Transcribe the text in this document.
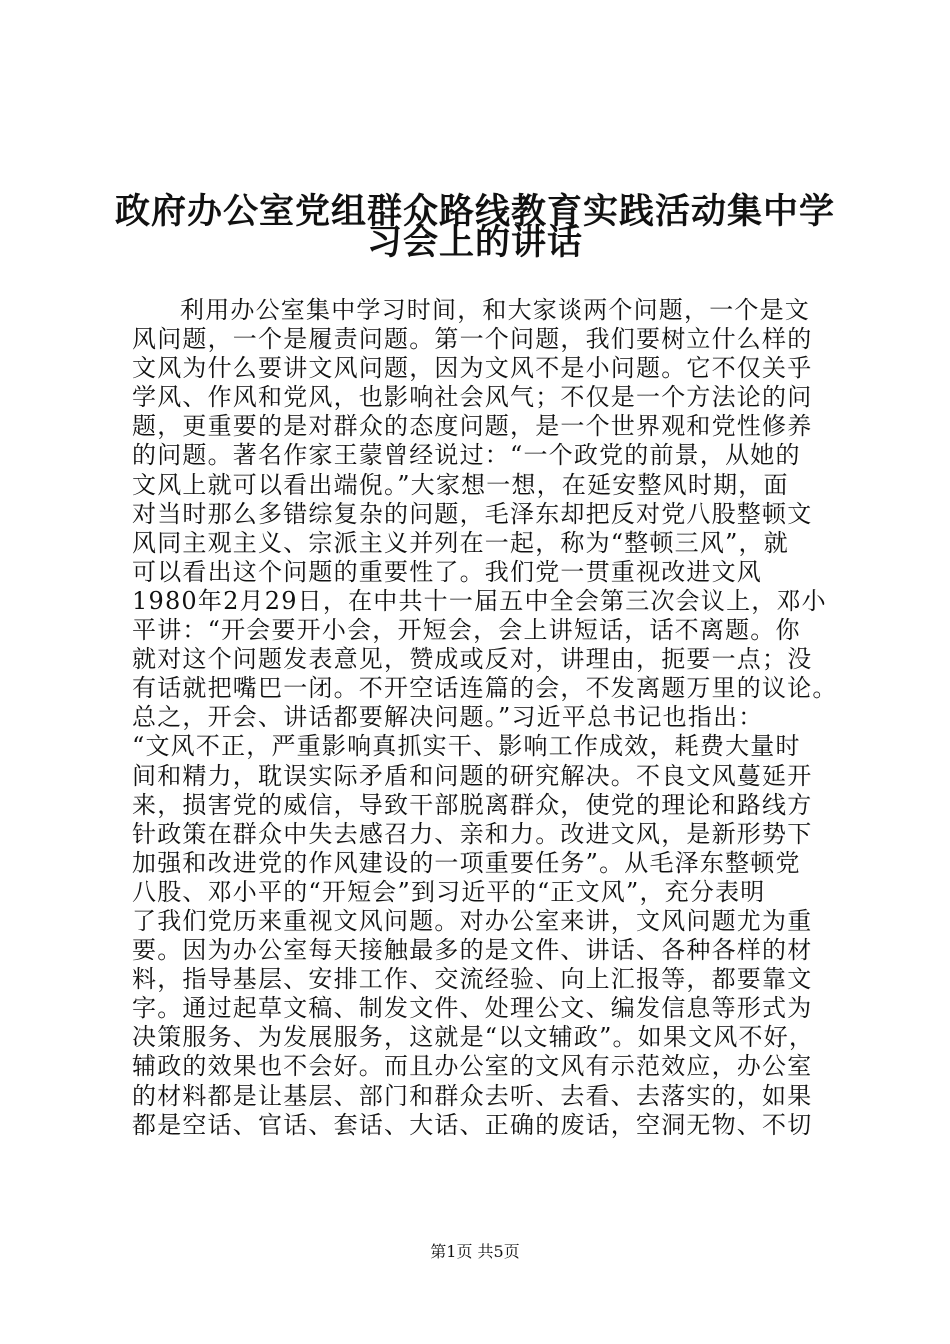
政府办公室党组群众路线教育实践活动集中学
习会上的讲话
利用办公室集中学习时间，和大家谈两个问题，一个是文
风问题，一个是履责问题。第一个问题，我们要树立什么样的
文风为什么要讲文风问题，因为文风不是小问题。它不仅关乎
学风、作风和党风，也影响社会风气；不仅是一个方法论的问
题，更重要的是对群众的态度问题，是一个世界观和党性修养
的问题。著名作家王蒙曾经说过：“一个政党的前景，从她的
文风上就可以看出端倪。”大家想一想，在延安整风时期，面
对当时那么多错综复杂的问题，毛泽东却把反对党八股整顿文
风同主观主义、宗派主义并列在一起，称为“整顿三风”，就
可以看出这个问题的重要性了。我们党一贯重视改进文风
1980年2月29日，在中共十一届五中全会第三次会议上，邓小
平讲：“开会要开小会，开短会，会上讲短话，话不离题。你
就对这个问题发表意见，赞成或反对，讲理由，扼要一点；没
有话就把嘴巴一闭。不开空话连篇的会，不发离题万里的议论。
总之，开会、讲话都要解决问题。”习近平总书记也指出：
“文风不正，严重影响真抓实干、影响工作成效，耗费大量时
间和精力，耽误实际矛盾和问题的研究解决。不良文风蔓延开
来，损害党的威信，导致干部脱离群众，使党的理论和路线方
针政策在群众中失去感召力、亲和力。改进文风，是新形势下
加强和改进党的作风建设的一项重要任务”。从毛泽东整顿党
八股、邓小平的“开短会”到习近平的“正文风”，充分表明
了我们党历来重视文风问题。对办公室来讲，文风问题尤为重
要。因为办公室每天接触最多的是文件、讲话、各种各样的材
料，指导基层、安排工作、交流经验、向上汇报等，都要靠文
字。通过起草文稿、制发文件、处理公文、编发信息等形式为
决策服务、为发展服务，这就是“以文辅政”。如果文风不好，
辅政的效果也不会好。而且办公室的文风有示范效应，办公室
的材料都是让基层、部门和群众去听、去看、去落实的，如果
都是空话、官话、套话、大话、正确的废话，空洞无物、不切
第1页 共5页
